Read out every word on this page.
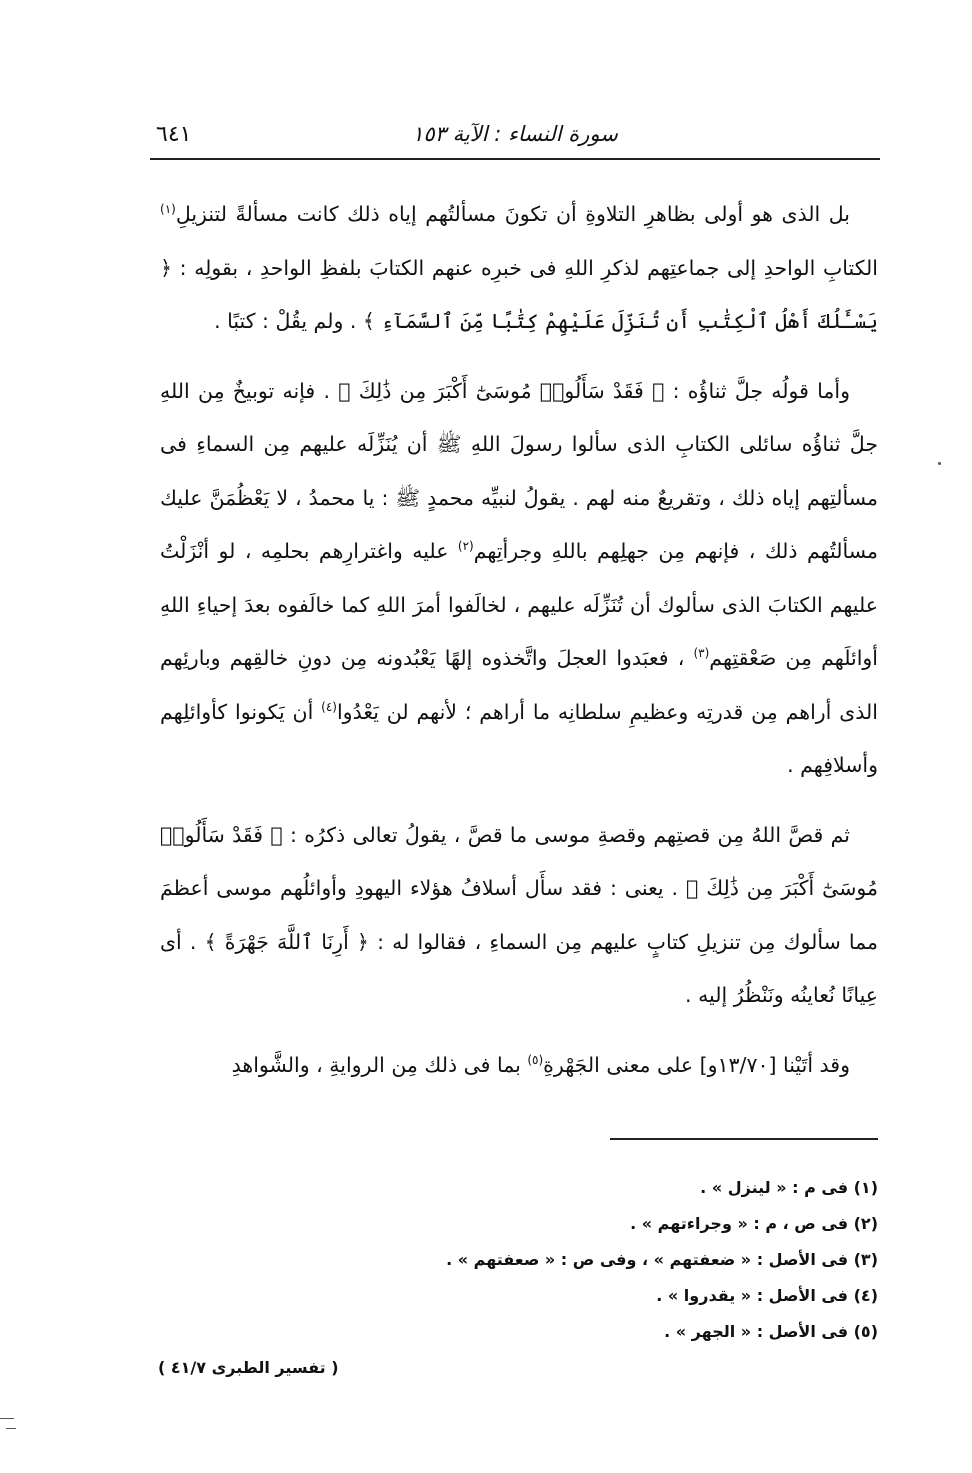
٦٤١	سورة النساء : الآية ١٥٣

بل الذى هو أولى بظاهرِ التلاوةِ أن تكونَ مسألتُهم إياه ذلك كانت مسألةً لتنزيلِ$^{(١)}$ الكتابِ الواحدِ إلى جماعتِهم لذكرِ اللهِ فى خبرِه عنهم الكتابَ بلفظِ الواحدِ ، بقولِه : ﴿ يَسْـَٔلُكَ أَهْلُ ٱلْكِتَٰبِ أَن تُنَزِّلَ عَلَيْهِمْ كِتَٰبًا مِّنَ ٱلسَّمَآءِ ﴾ . ولم يقُلْ : كتبًا .

وأما قولُه جلَّ ثناؤُه : ﴿ فَقَدْ سَأَلُوا۟ مُوسَىٰٓ أَكْبَرَ مِن ذَٰلِكَ ﴾ . فإنه توبيخٌ مِن اللهِ جلَّ ثناؤُه سائلى الكتابِ الذى سألوا رسولَ اللهِ ﷺ أن يُنَزِّلَه عليهم مِن السماءِ فى مسألتِهم إياه ذلك ، وتقريعٌ منه لهم . يقولُ لنبيِّه محمدٍ ﷺ : يا محمدُ ، لا يَعْظُمَنَّ عليك مسألتُهم ذلك ، فإنهم مِن جهلِهم باللهِ وجرأتِهم$^{(٢)}$ عليه واغترارِهم بحلمِه ، لو أنْزَلْتُ عليهم الكتابَ الذى سألوك أن تُنَزِّلَه عليهم ، لخالَفوا أمرَ اللهِ كما خالَفوه بعدَ إحياءِ اللهِ أوائلَهم مِن صَعْقتِهم$^{(٣)}$ ، فعبَدوا العجلَ واتَّخذوه إلهًا يَعْبُدونه مِن دونِ خالقِهم وبارئِهم الذى أراهم مِن قدرتِه وعظيمِ سلطانِه ما أراهم ؛ لأنهم لن يَعْدُوا$^{(٤)}$ أن يَكونوا كأوائلِهم وأسلافِهم .

ثم قصَّ اللهُ مِن قصتِهم وقصةِ موسى ما قصَّ ، يقولُ تعالى ذكرُه : ﴿ فَقَدْ سَأَلُوا۟ مُوسَىٰٓ أَكْبَرَ مِن ذَٰلِكَ ﴾ . يعنى : فقد سأَل أسلافُ هؤلاء اليهودِ وأوائلُهم موسى أعظمَ مما سألوك مِن تنزيلِ كتابٍ عليهم مِن السماءِ ، فقالوا له : ﴿ أَرِنَا ٱللَّهَ جَهْرَةً ﴾ . أى عِيانًا نُعاينُه ونَنْظُرُ إليه .

وقد أتَيْنا [١٣/٧٠و] على معنى الجَهْرةِ$^{(٥)}$ بما فى ذلك مِن الروايةِ ، والشَّواهدِ

(١) فى م : « لينزل » .
(٢) فى ص ، م : « وجراءتهم » .
(٣) فى الأصل : « ضعفتهم » ، وفى ص : « صعفتهم » .
(٤) فى الأصل : « يقدروا » .
(٥) فى الأصل : « الجهر » .
( تفسير الطبرى ٤١/٧ )
